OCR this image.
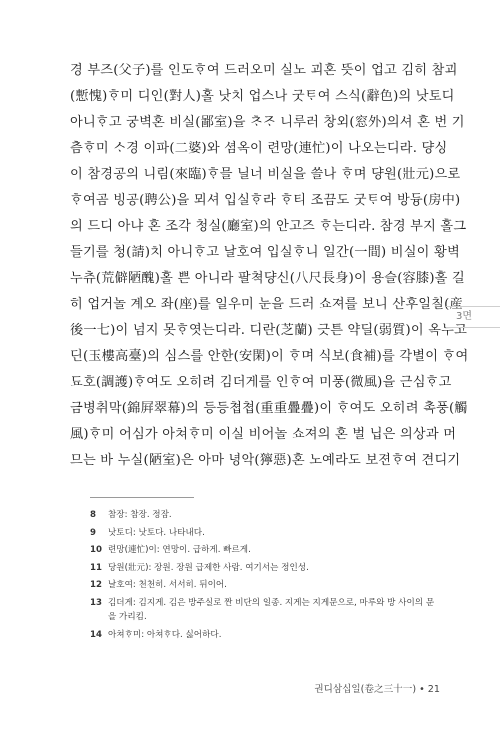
경 부즈(父子)를 인도ᄒᆞ여 드러오미 실노 괴혼 뜻이 업고 김히 참괴
(慙愧)ᄒᆞ미 디인(對人)홀 낫치 업스나 굿ᄐᆞ여 스식(辭色)의 낫토디
아니ᄒᆞ고 궁벽혼 비실(鄙室)을 ᄎᆞᄌᆞ 니루러 창외(窓外)의셔 혼 번 기
츰ᄒᆞ미 ᄉᆞ경 이파(二婆)와 셤옥이 련망(連忙)이 나오는디라. 댱싱
이 참경공의 니림(來臨)ᄒᆞ믈 닐너 비실을 쓸나 ᄒᆞ며 댱원(壯元)으로
ᄒᆞ여곰 빙공(聘公)을 뫼셔 입실ᄒᆞ라 ᄒᆞ티 조끔도 굿ᄐᆞ여 방듕(房中)
의 드디 아냐 혼 조각 청실(廳室)의 안고즈 ᄒᆞ는디라. 참경 부지 홀그
들기를 청(請)치 아니ᄒᆞ고 날호여 입실ᄒᆞ니 일간(一間) 비실이 황벽
누츄(荒僻陋醜)홀 쁜 아니라 팔쳑댱신(八尺長身)이 용슬(容膝)홀 길
히 업거놀 계오 좌(座)를 일우미 눈을 드러 쇼져를 보니 산후일칠(産
後一七)이 넘지 못ᄒᆞ엿는디라. 디란(芝蘭) 긋튼 약딜(弱質)이 옥누고
딘(玉樓高臺)의 심스를 안한(安閑)이 ᄒᆞ며 식보(食補)를 각별이 ᄒᆞ여
됴호(調護)ᄒᆞ여도 오히려 김더게를 인ᄒᆞ여 미풍(微風)을 근심ᄒᆞ고
금병취막(錦屛翠幕)의 등등쳡쳡(重重疊疊)이 ᄒᆞ여도 오히려 촉풍(觸
風)ᄒᆞ미 어심가 아쳐ᄒᆞ미 이실 비어놀 쇼져의 혼 벌 닙은 의상과 머
므는 바 누실(陋室)은 아마 녕악(獰惡)혼 노예라도 보젼ᄒᆞ여 견디기
3면
8	참장: 참장. 정잠.
9	낫토디: 낫토다. 나타내다.
10 련망(連忙)이: 연망이. 급하게. 빠르게.
11 당원(壯元): 장원. 장원 급제한 사람. 여기서는 정인성.
12 날호여: 천천히. 서서히. 뒤이어.
13 김더게: 김지게. 김은 방주실로 짠 비단의 일종. 지게는 지게문으로, 마루와 방 사이의 문을 가리킴.
14 아쳐ᄒᆞ미: 아쳐ᄒᆞ다. 싫어하다.
권디삼십일(卷之三十一) • 21
